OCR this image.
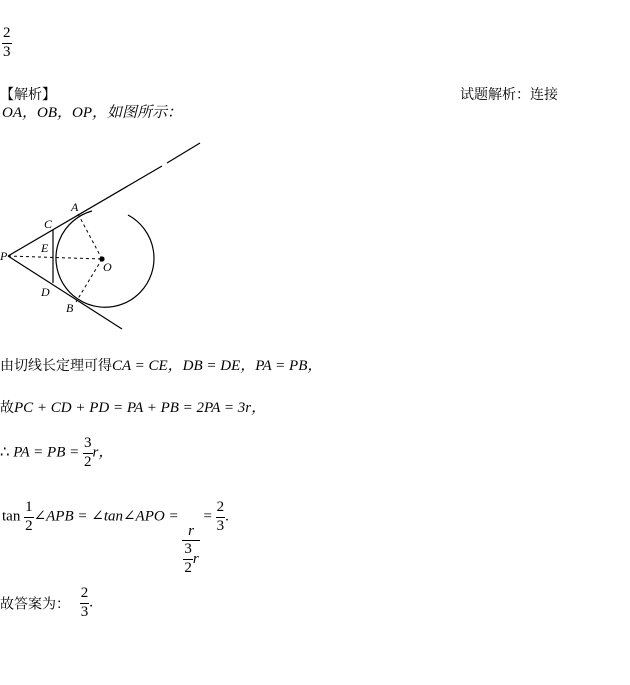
2
3
【解析】	试题解析：连接
OA，OB，OP，如图所示：
A
C
E
P
O
D
B
由切线长定理可得CA = CE，DB = DE，PA = PB，
故PC + CD + PD = PA + PB = 2PA = 3r，
∴ PA = PB = $\frac{3}{2}$ r，
$\tan \frac{1}{2}$ ∠APB = ∠tan∠APO =
$\frac{r}{\frac{3}{2} r}$
= $\frac{2}{3}$ .
故答案为： $\frac{2}{3}$ .
